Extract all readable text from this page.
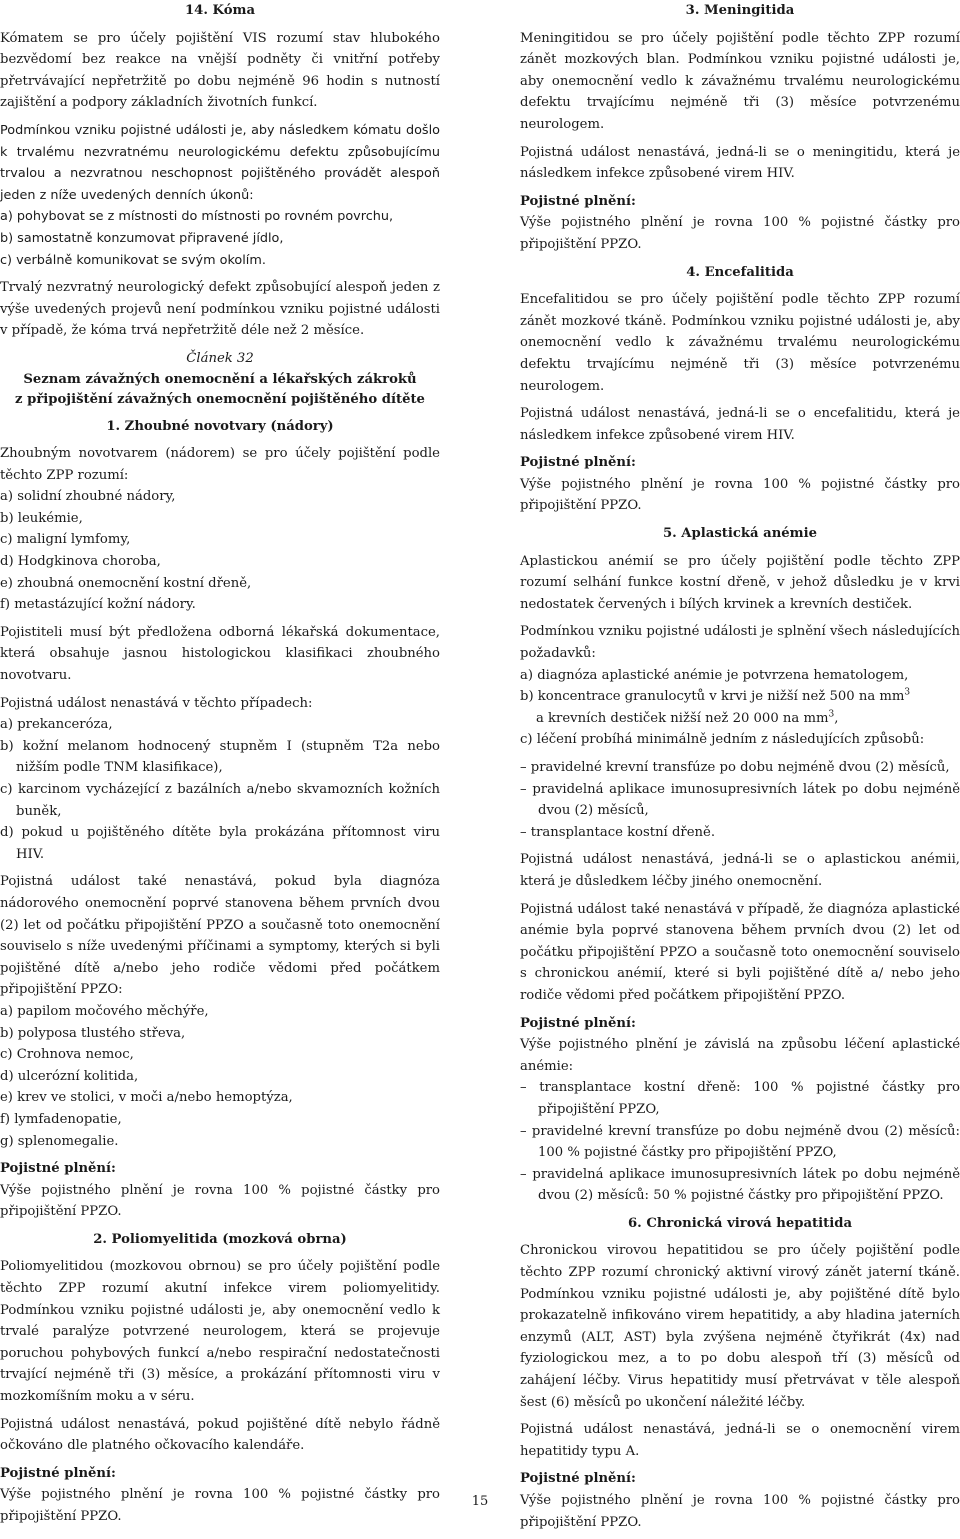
14. Kóma

Kómatem se pro účely pojištění VIS rozumí stav hlubokého bezvědomí bez reakce na vnější podněty či vnitřní potřeby přetrvávající nepřetržitě po dobu nejméně 96 hodin s nutností zajištění a podpory základních životních funkcí.

Podmínkou vzniku pojistné události je, aby následkem kómatu došlo k trvalému nezvratnému neurologickému defektu způsobujícímu trvalou a nezvratnou neschopnost pojištěného provádět alespoň jeden z níže uvedených denních úkonů:

a) pohybovat se z místnosti do místnosti po rovném povrchu,
b) samostatně konzumovat připravené jídlo,
c) verbálně komunikovat se svým okolím.

Trvalý nezvratný neurologický defekt způsobující alespoň jeden z výše uvedených projevů není podmínkou vzniku pojistné události v případě, že kóma trvá nepřetržitě déle než 2 měsíce.

Článek 32

Seznam závažných onemocnění a lékařských zákroků

z připojištění závažných onemocnění pojištěného dítěte

1. Zhoubné novotvary (nádory)

Zhoubným novotvarem (nádorem) se pro účely pojištění podle těchto ZPP rozumí:

a) solidní zhoubné nádory,
b) leukémie,
c) maligní lymfomy,
d) Hodgkinova choroba,
e) zhoubná onemocnění kostní dřeně,
f) metastázující kožní nádory.

Pojistiteli musí být předložena odborná lékařská dokumentace, která obsahuje jasnou histologickou klasifikaci zhoubného novotvaru.

Pojistná událost nenastává v těchto případech:

a) prekanceróza,
b) kožní melanom hodnocený stupněm I (stupněm T2a nebo nižším podle TNM klasifikace),
c) karcinom vycházející z bazálních a/nebo skvamozních kožních buněk,
d) pokud u pojištěného dítěte byla prokázána přítomnost viru HIV.

Pojistná událost také nenastává, pokud byla diagnóza nádorového onemocnění poprvé stanovena během prvních dvou (2) let od počátku připojištění PPZO a současně toto onemocnění souviselo s níže uvedenými příčinami a symptomy, kterých si byli pojištěné dítě a/nebo jeho rodiče vědomi před počátkem připojištění PPZO:

a) papilom močového měchýře,
b) polyposa tlustého střeva,
c) Crohnova nemoc,
d) ulcerózní kolitida,
e) krev ve stolici, v moči a/nebo hemoptýza,
f) lymfadenopatie,
g) splenomegalie.

Pojistné plnění:

Výše pojistného plnění je rovna 100 % pojistné částky pro připojištění PPZO.

2. Poliomyelitida (mozková obrna)

Poliomyelitidou (mozkovou obrnou) se pro účely pojištění podle těchto ZPP rozumí akutní infekce virem poliomyelitidy. Podmínkou vzniku pojistné události je, aby onemocnění vedlo k trvalé paralýze potvrzené neurologem, která se projevuje poruchou pohybových funkcí a/nebo respirační nedostatečnosti trvající nejméně tři (3) měsíce, a prokázání přítomnosti viru v mozkomíšním moku a v séru.

Pojistná událost nenastává, pokud pojištěné dítě nebylo řádně očkováno dle platného očkovacího kalendáře.

Pojistné plnění:

Výše pojistného plnění je rovna 100 % pojistné částky pro připojištění PPZO.

3. Meningitida

Meningitidou se pro účely pojištění podle těchto ZPP rozumí zánět mozkových blan. Podmínkou vzniku pojistné události je, aby onemocnění vedlo k závažnému trvalému neurologickému defektu trvajícímu nejméně tři (3) měsíce potvrzenému neurologem.

Pojistná událost nenastává, jedná-li se o meningitidu, která je následkem infekce způsobené virem HIV.

Pojistné plnění:

Výše pojistného plnění je rovna 100 % pojistné částky pro připojištění PPZO.

4. Encefalitida

Encefalitidou se pro účely pojištění podle těchto ZPP rozumí zánět mozkové tkáně. Podmínkou vzniku pojistné události je, aby onemocnění vedlo k závažnému trvalému neurologickému defektu trvajícímu nejméně tři (3) měsíce potvrzenému neurologem.

Pojistná událost nenastává, jedná-li se o encefalitidu, která je následkem infekce způsobené virem HIV.

Pojistné plnění:

Výše pojistného plnění je rovna 100 % pojistné částky pro připojištění PPZO.

5. Aplastická anémie

Aplastickou anémií se pro účely pojištění podle těchto ZPP rozumí selhání funkce kostní dřeně, v jehož důsledku je v krvi nedostatek červených i bílých krvinek a krevních destiček.

Podmínkou vzniku pojistné události je splnění všech následujících požadavků:

a) diagnóza aplastické anémie je potvrzena hematologem,
b) koncentrace granulocytů v krvi je nižší než 500 na $mm^3$
a krevních destiček nižší než 20 000 na $mm^3$,
c) léčení probíhá minimálně jedním z následujících způsobů:
– pravidelné krevní transfúze po dobu nejméně dvou (2) měsíců,
– pravidelná aplikace imunosupresivních látek po dobu nejméně dvou (2) měsíců,
– transplantace kostní dřeně.

Pojistná událost nenastává, jedná-li se o aplastickou anémii, která je důsledkem léčby jiného onemocnění.

Pojistná událost také nenastává v případě, že diagnóza aplastické anémie byla poprvé stanovena během prvních dvou (2) let od počátku připojištění PPZO a současně toto onemocnění souviselo s chronickou anémií, které si byli pojištěné dítě a/ nebo jeho rodiče vědomi před počátkem připojištění PPZO.

Pojistné plnění:

Výše pojistného plnění je závislá na způsobu léčení aplastické anémie:

– transplantace kostní dřeně: 100 % pojistné částky pro připojištění PPZO,
– pravidelné krevní transfúze po dobu nejméně dvou (2) měsíců: 100 % pojistné částky pro připojištění PPZO,
– pravidelná aplikace imunosupresivních látek po dobu nejméně dvou (2) měsíců: 50 % pojistné částky pro připojištění PPZO.

6. Chronická virová hepatitida

Chronickou virovou hepatitidou se pro účely pojištění podle těchto ZPP rozumí chronický aktivní virový zánět jaterní tkáně. Podmínkou vzniku pojistné události je, aby pojištěné dítě bylo prokazatelně infikováno virem hepatitidy, a aby hladina jaterních enzymů (ALT, AST) byla zvýšena nejméně čtyřikrát (4x) nad fyziologickou mez, a to po dobu alespoň tří (3) měsíců od zahájení léčby. Virus hepatitidy musí přetrvávat v těle alespoň šest (6) měsíců po ukončení náležité léčby.

Pojistná událost nenastává, jedná-li se o onemocnění virem hepatitidy typu A.

Pojistné plnění:

Výše pojistného plnění je rovna 100 % pojistné částky pro připojištění PPZO.

15
